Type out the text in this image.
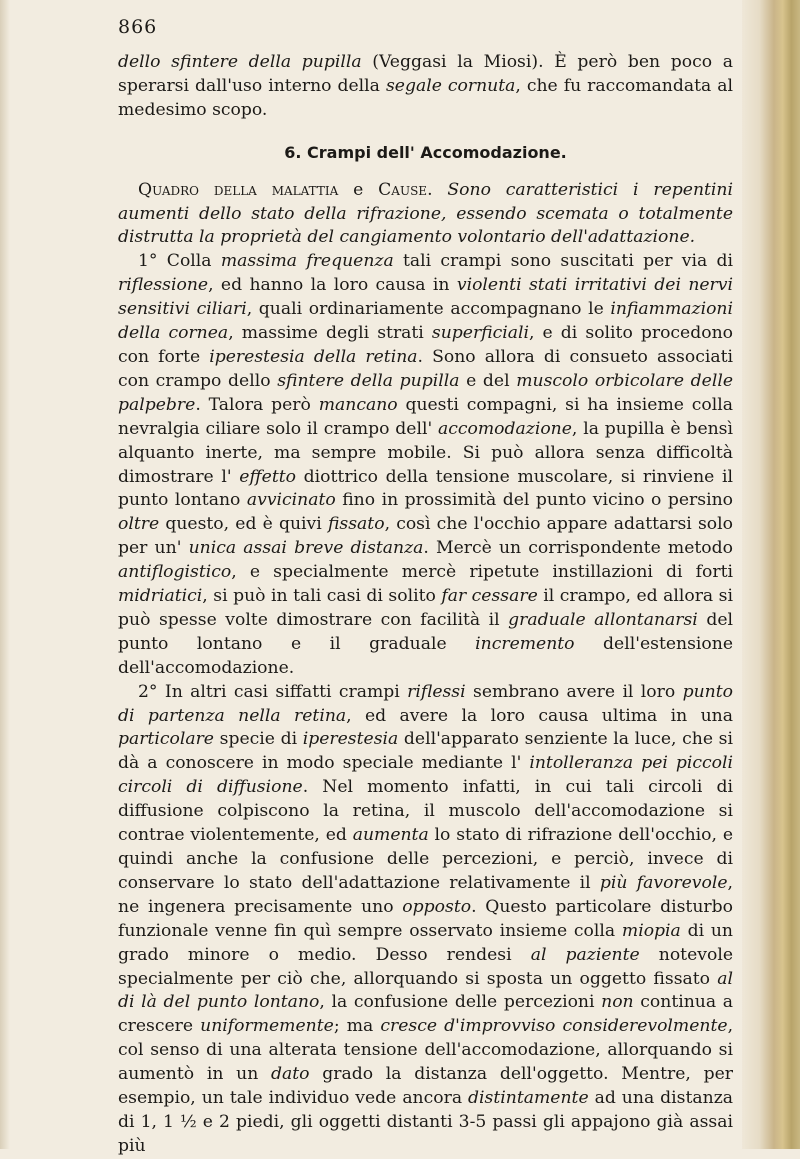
866

dello sfintere della pupilla (Veggasi la Miosi). È però ben poco a sperarsi dall'uso interno della segale cornuta, che fu raccomandata al medesimo scopo.

6. Crampi dell' Accomodazione.

Quadro della malattia e Cause. Sono caratteristici i repentini aumenti dello stato della rifrazione, essendo scemata o totalmente distrutta la proprietà del cangiamento volontario dell'adattazione.

1° Colla massima frequenza tali crampi sono suscitati per via di riflessione, ed hanno la loro causa in violenti stati irritativi dei nervi sensitivi ciliari, quali ordinariamente accompagnano le infiammazioni della cornea, massime degli strati superficiali, e di solito procedono con forte iperestesia della retina. Sono allora di consueto associati con crampo dello sfintere della pupilla e del muscolo orbicolare delle palpebre. Talora però mancano questi compagni, si ha insieme colla nevralgia ciliare solo il crampo dell' accomodazione, la pupilla è bensì alquanto inerte, ma sempre mobile. Si può allora senza difficoltà dimostrare l' effetto diottrico della tensione muscolare, si rinviene il punto lontano avvicinato fino in prossimità del punto vicino o persino oltre questo, ed è quivi fissato, così che l'occhio appare adattarsi solo per un' unica assai breve distanza. Mercè un corrispondente metodo antiflogistico, e specialmente mercè ripetute instillazioni di forti midriatici, si può in tali casi di solito far cessare il crampo, ed allora si può spesse volte dimostrare con facilità il graduale allontanarsi del punto lontano e il graduale incremento dell'estensione dell'accomodazione.

2° In altri casi siffatti crampi riflessi sembrano avere il loro punto di partenza nella retina, ed avere la loro causa ultima in una particolare specie di iperestesia dell'apparato senziente la luce, che si dà a conoscere in modo speciale mediante l' intolleranza pei piccoli circoli di diffusione. Nel momento infatti, in cui tali circoli di diffusione colpiscono la retina, il muscolo dell'accomodazione si contrae violentemente, ed aumenta lo stato di rifrazione dell'occhio, e quindi anche la confusione delle percezioni, e perciò, invece di conservare lo stato dell'adattazione relativamente il più favorevole, ne ingenera precisamente uno opposto. Questo particolare disturbo funzionale venne fin quì sempre osservato insieme colla miopia di un grado minore o medio. Desso rendesi al paziente notevole specialmente per ciò che, allorquando si sposta un oggetto fissato al di là del punto lontano, la confusione delle percezioni non continua a crescere uniformemente; ma cresce d'improvviso considerevolmente, col senso di una alterata tensione dell'accomodazione, allorquando si aumentò in un dato grado la distanza dell'oggetto. Mentre, per esempio, un tale individuo vede ancora distintamente ad una distanza di 1, 1 ½ e 2 piedi, gli oggetti distanti 3-5 passi gli appajono già assai più
